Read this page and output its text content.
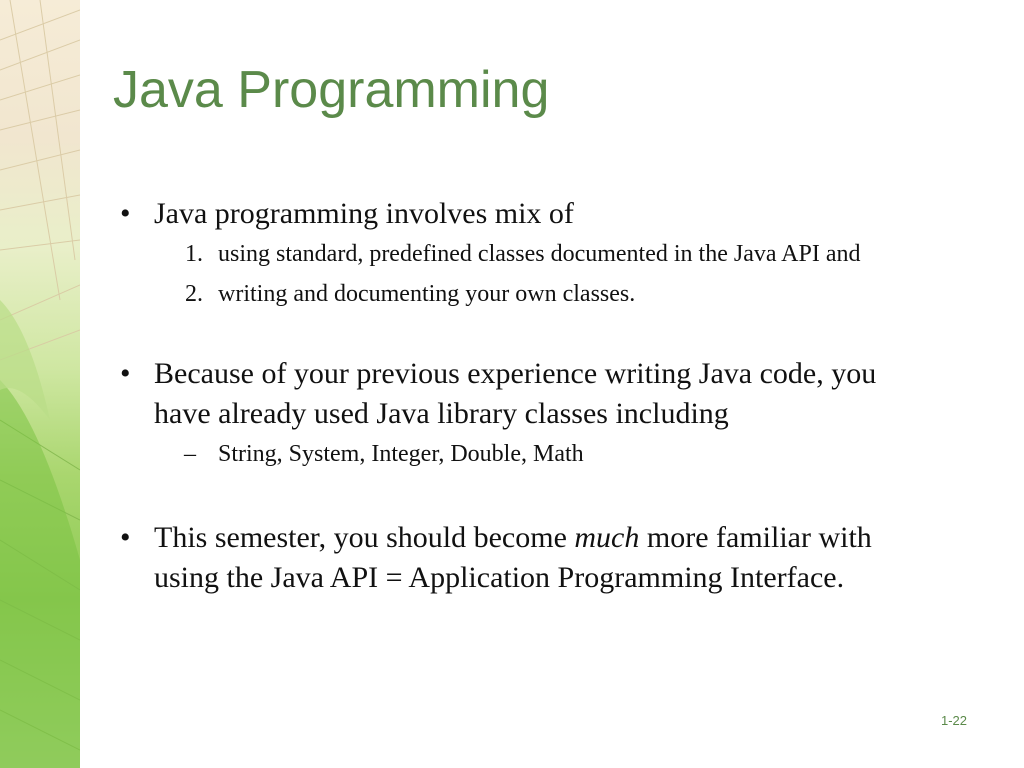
Java Programming
• Java programming involves mix of
1. using standard, predefined classes documented in the Java API and
2. writing and documenting your own classes.
• Because of your previous experience writing Java code, you
have already used Java library classes including
– String, System, Integer, Double, Math
• This semester, you should become much more familiar with
using the Java API = Application Programming Interface.
1-22
